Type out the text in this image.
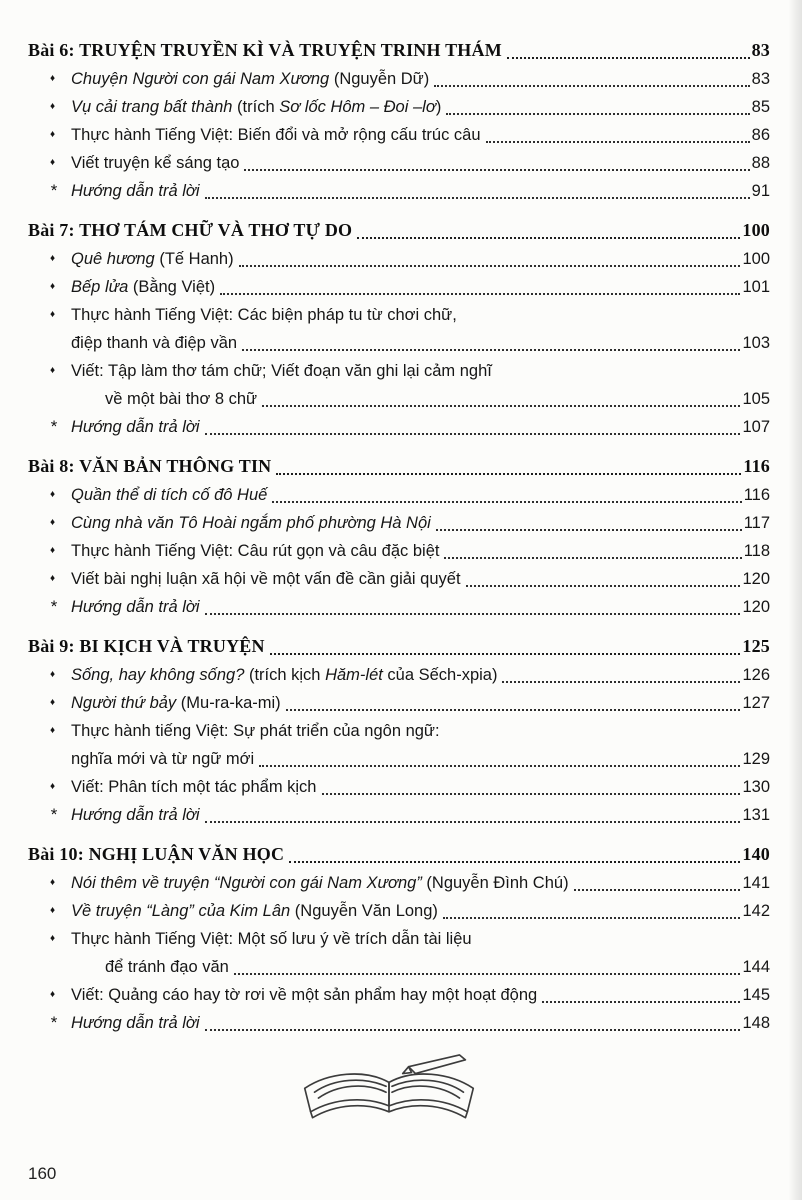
Bài 6: TRUYỆN TRUYỀN KÌ VÀ TRUYỆN TRINH THÁM	83
♦ Chuyện Người con gái Nam Xương (Nguyễn Dữ)	83
♦ Vụ cải trang bất thành (trích Sơ lốc Hôm – Đoi –lơ)	85
♦ Thực hành Tiếng Việt: Biến đổi và mở rộng cấu trúc câu	86
♦ Viết truyện kể sáng tạo	88
* Hướng dẫn trả lời	91
Bài 7: THƠ TÁM CHỮ VÀ THƠ TỰ DO	100
♦ Quê hương (Tế Hanh)	100
♦ Bếp lửa (Bằng Việt)	101
♦ Thực hành Tiếng Việt: Các biện pháp tu từ chơi chữ,
điệp thanh và điệp vần	103
♦ Viết: Tập làm thơ tám chữ; Viết đoạn văn ghi lại cảm nghĩ
về một bài thơ 8 chữ	105
* Hướng dẫn trả lời	107
Bài 8: VĂN BẢN THÔNG TIN	116
♦ Quần thể di tích cố đô Huế	116
♦ Cùng nhà văn Tô Hoài ngắm phố phường Hà Nội	117
♦ Thực hành Tiếng Việt: Câu rút gọn và câu đặc biệt	118
♦ Viết bài nghị luận xã hội về một vấn đề cần giải quyết	120
* Hướng dẫn trả lời	120
Bài 9: BI KỊCH VÀ TRUYỆN	125
♦ Sống, hay không sống? (trích kịch Hăm-lét của Sếch-xpia)	126
♦ Người thứ bảy (Mu-ra-ka-mi)	127
♦ Thực hành tiếng Việt: Sự phát triển của ngôn ngữ:
nghĩa mới và từ ngữ mới	129
♦ Viết: Phân tích một tác phẩm kịch	130
* Hướng dẫn trả lời	131
Bài 10: NGHỊ LUẬN VĂN HỌC	140
♦ Nói thêm về truyện “Người con gái Nam Xương” (Nguyễn Đình Chú)	141
♦ Về truyện “Làng” của Kim Lân (Nguyễn Văn Long)	142
♦ Thực hành Tiếng Việt: Một số lưu ý về trích dẫn tài liệu
để tránh đạo văn	144
♦ Viết: Quảng cáo hay tờ rơi về một sản phẩm hay một hoạt động	145
* Hướng dẫn trả lời	148
160
